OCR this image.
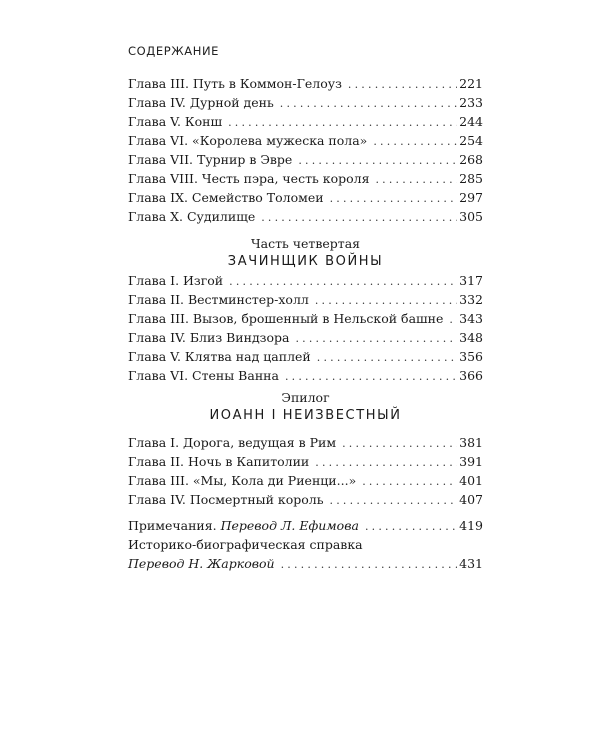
СОДЕРЖАНИЕ
Глава III. Путь в Коммон-Гелоуз .....	221
Глава IV. Дурной день .....	233
Глава V. Конш .....	244
Глава VI. «Королева мужеска пола» .....	254
Глава VII. Турнир в Эвре .....	268
Глава VIII. Честь пэра, честь короля .....	285
Глава IX. Семейство Толомеи .....	297
Глава X. Судилище .....	305
Часть четвертая
ЗАЧИНЩИК ВОЙНЫ
Глава I. Изгой .....	317
Глава II. Вестминстер-холл .....	332
Глава III. Вызов, брошенный в Нельской башне ..... 343
Глава IV. Близ Виндзора .....	348
Глава V. Клятва над цаплей .....	356
Глава VI. Стены Ванна .....	366
Эпилог
ИОАНН I НЕИЗВЕСТНЫЙ
Глава I. Дорога, ведущая в Рим .....	381
Глава II. Ночь в Капитолии .....	391
Глава III. «Мы, Кола ди Риенци...» .....	401
Глава IV. Посмертный король .....	407
Примечания. Перевод Л. Ефимова .....	419
Историко-биографическая справка
Перевод Н. Жарковой .....	431
